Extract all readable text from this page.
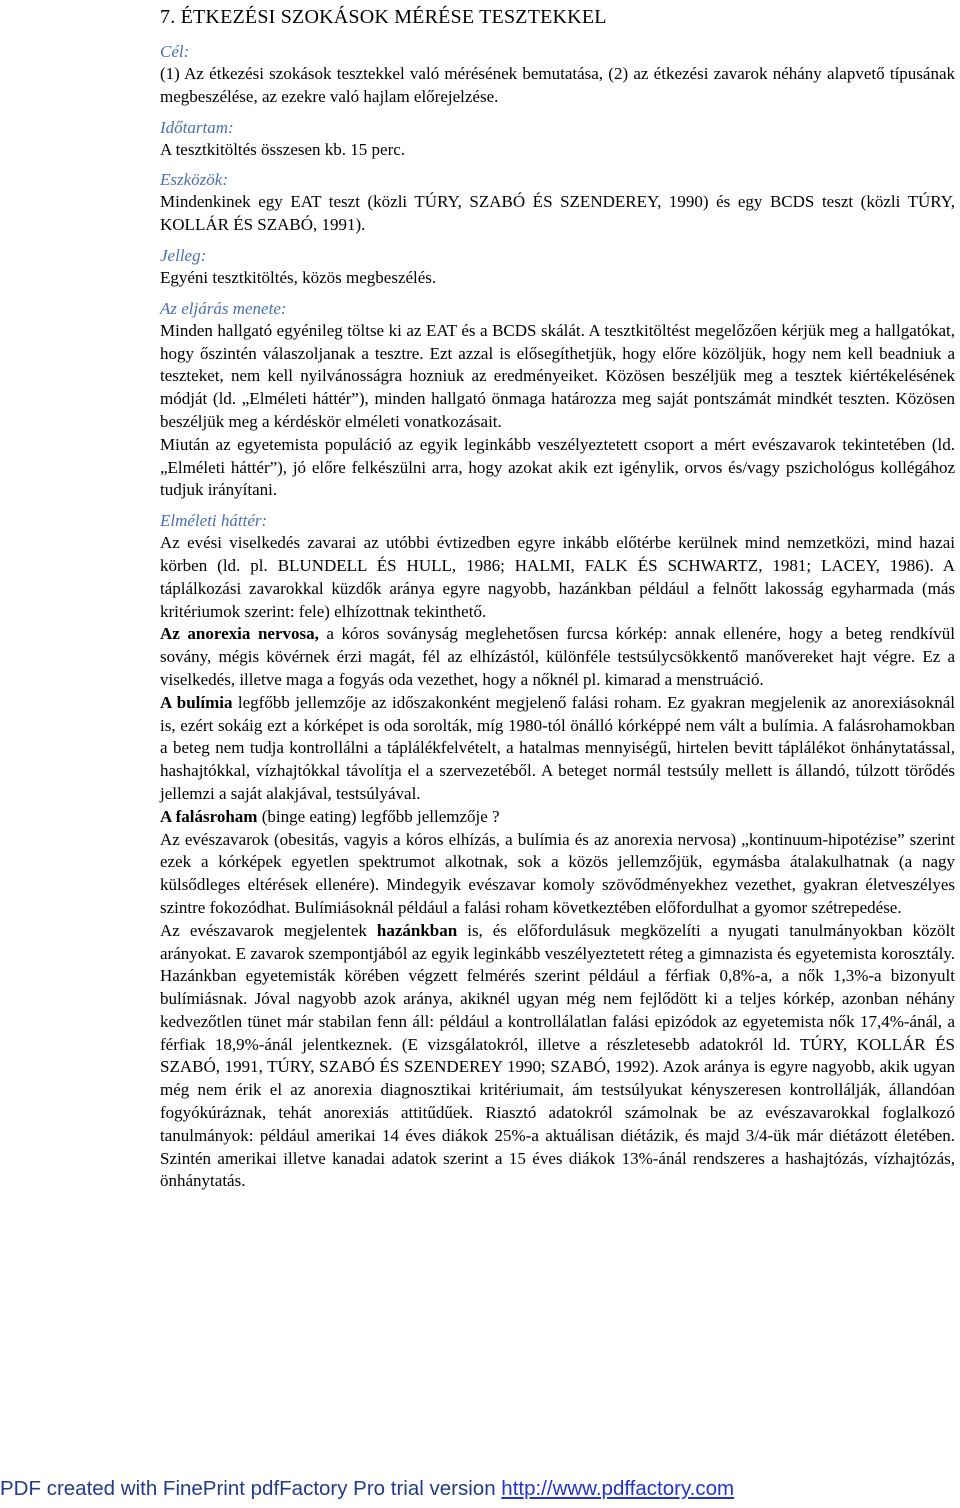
7. ÉTKEZÉSI SZOKÁSOK MÉRÉSE TESZTEKKEL
Cél:

(1) Az étkezési szokások tesztekkel való mérésének bemutatása, (2) az étkezési zavarok néhány alapvető típusának megbeszélése, az ezekre való hajlam előrejelzése.

Időtartam:

A tesztkitöltés összesen kb. 15 perc.

Eszközök:

Mindenkinek egy EAT teszt (közli TÚRY, SZABÓ ÉS SZENDEREY, 1990) és egy BCDS teszt (közli TÚRY, KOLLÁR ÉS SZABÓ, 1991).

Jelleg:

Egyéni tesztkitöltés, közös megbeszélés.

Az eljárás menete:

Minden hallgató egyénileg töltse ki az EAT és a BCDS skálát. A tesztkitöltést megelőzően kérjük meg a hallgatókat, hogy őszintén válaszoljanak a tesztre. Ezt azzal is elősegíthetjük, hogy előre közöljük, hogy nem kell beadniuk a teszteket, nem kell nyilvánosságra hozniuk az eredményeiket. Közösen beszéljük meg a tesztek kiértékelésének módját (ld. „Elméleti háttér”), minden hallgató önmaga határozza meg saját pontszámát mindkét teszten. Közösen beszéljük meg a kérdéskör elméleti vonatkozásait.

Miután az egyetemista populáció az egyik leginkább veszélyeztetett csoport a mért evészavarok tekintetében (ld. „Elméleti háttér”), jó előre felkészülni arra, hogy azokat akik ezt igénylik, orvos és/vagy pszichológus kollégához tudjuk irányítani.

Elméleti háttér:

Az evési viselkedés zavarai az utóbbi évtizedben egyre inkább előtérbe kerülnek mind nemzetközi, mind hazai körben (ld. pl. BLUNDELL ÉS HULL, 1986; HALMI, FALK ÉS SCHWARTZ, 1981; LACEY, 1986). A táplálkozási zavarokkal küzdők aránya egyre nagyobb, hazánkban például a felnőtt lakosság egyharmada (más kritériumok szerint: fele) elhízottnak tekinthető.

Az anorexia nervosa, a kóros soványság meglehetősen furcsa kórkép: annak ellenére, hogy a beteg rendkívül sovány, mégis kövérnek érzi magát, fél az elhízástól, különféle testsúlycsökkentő manővereket hajt végre. Ez a viselkedés, illetve maga a fogyás oda vezethet, hogy a nőknél pl. kimarad a menstruáció.

A bulímia legfőbb jellemzője az időszakonként megjelenő falási roham. Ez gyakran megjelenik az anorexiásoknál is, ezért sokáig ezt a kórképet is oda sorolták, míg 1980-tól önálló kórképpé nem vált a bulímia. A falásrohamokban a beteg nem tudja kontrollálni a táplálékfelvételt, a hatalmas mennyiségű, hirtelen bevitt táplálékot önhánytatással, hashajtókkal, vízhajtókkal távolítja el a szervezetéből. A beteget normál testsúly mellett is állandó, túlzott törődés jellemzi a saját alakjával, testsúlyával.

A falásroham (binge eating) legfőbb jellemzője ?

Az evészavarok (obesitás, vagyis a kóros elhízás, a bulímia és az anorexia nervosa) „kontinuum-hipotézise” szerint ezek a kórképek egyetlen spektrumot alkotnak, sok a közös jellemzőjük, egymásba átalakulhatnak (a nagy külsődleges eltérések ellenére). Mindegyik evészavar komoly szövődményekhez vezethet, gyakran életveszélyes szintre fokozódhat. Bulímiásoknál például a falási roham következtében előfordulhat a gyomor szétrepedése.

Az evészavarok megjelentek hazánkban is, és előfordulásuk megközelíti a nyugati tanulmányokban közölt arányokat. E zavarok szempontjából az egyik leginkább veszélyeztetett réteg a gimnazista és egyetemista korosztály. Hazánkban egyetemisták körében végzett felmérés szerint például a férfiak 0,8%-a, a nők 1,3%-a bizonyult bulímiásnak. Jóval nagyobb azok aránya, akiknél ugyan még nem fejlődött ki a teljes kórkép, azonban néhány kedvezőtlen tünet már stabilan fenn áll: például a kontrollálatlan falási epizódok az egyetemista nők 17,4%-ánál, a férfiak 18,9%-ánál jelentkeznek. (E vizsgálatokról, illetve a részletesebb adatokról ld. TÚRY, KOLLÁR ÉS SZABÓ, 1991, TÚRY, SZABÓ ÉS SZENDEREY 1990; SZABÓ, 1992). Azok aránya is egyre nagyobb, akik ugyan még nem érik el az anorexia diagnosztikai kritériumait, ám testsúlyukat kényszeresen kontrollálják, állandóan fogyókúráznak, tehát anorexiás attitűdűek. Riasztó adatokról számolnak be az evészavarokkal foglalkozó tanulmányok: például amerikai 14 éves diákok 25%-a aktuálisan diétázik, és majd 3/4-ük már diétázott életében. Szintén amerikai illetve kanadai adatok szerint a 15 éves diákok 13%-ánál rendszeres a hashajtózás, vízhajtózás, önhánytatás.

PDF created with FinePrint pdfFactory Pro trial version http://www.pdffactory.com
